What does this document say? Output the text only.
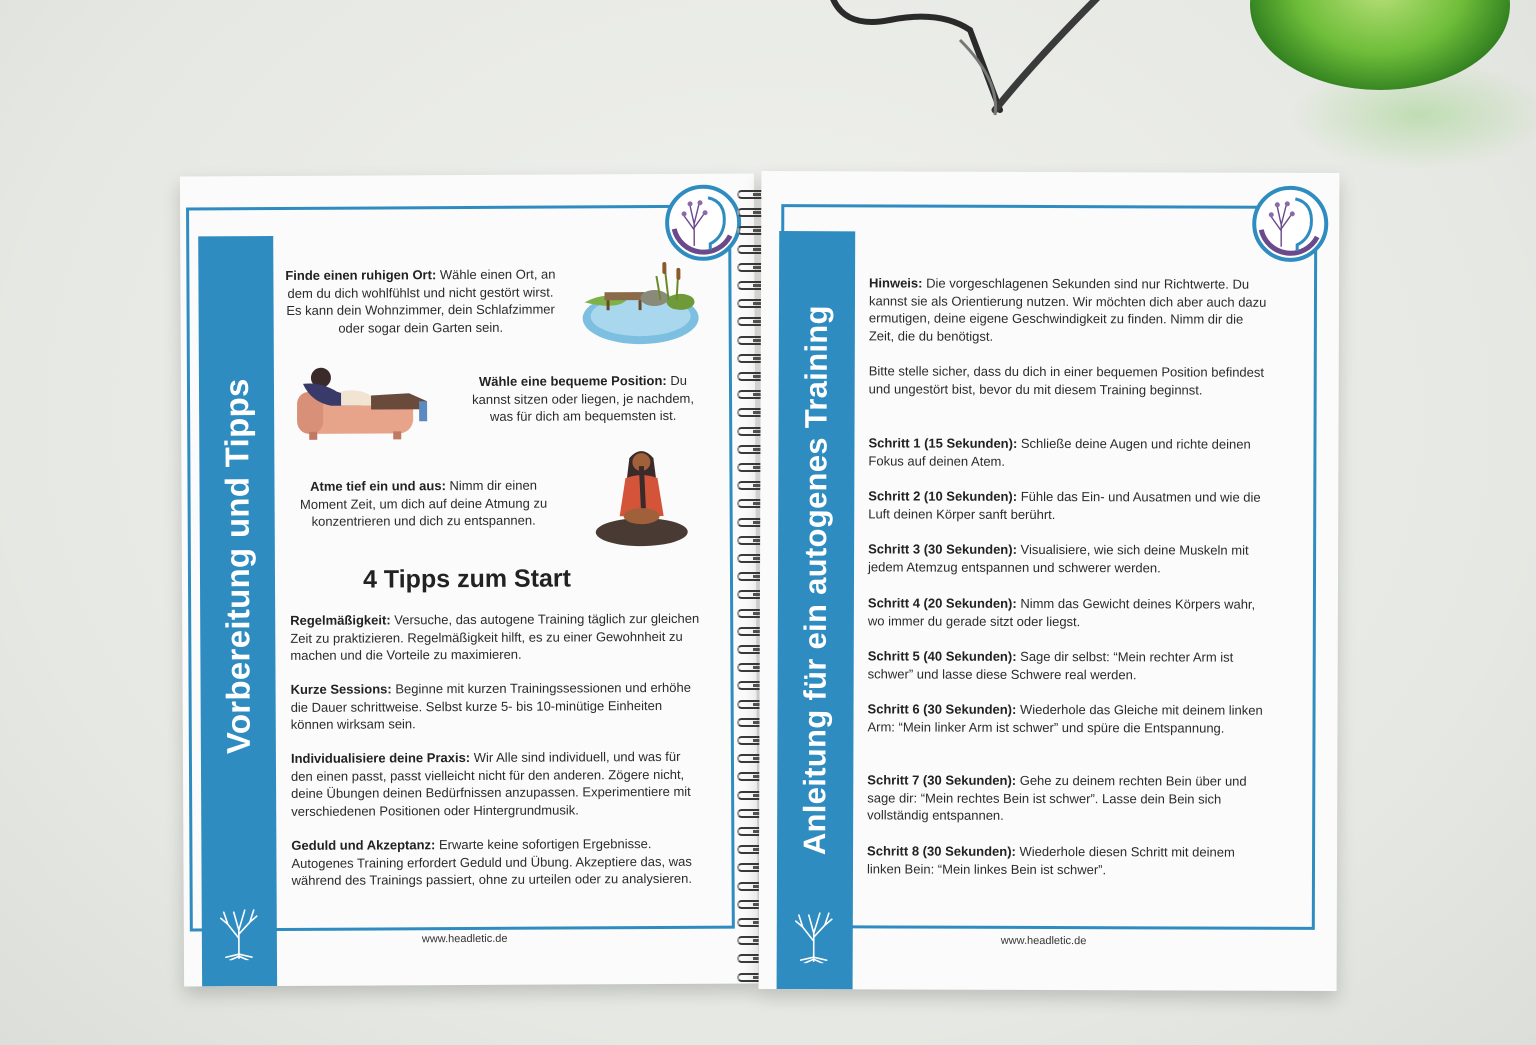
Vorbereitung und Tipps
Finde einen ruhigen Ort: Wähle einen Ort, an dem du dich wohlfühlst und nicht gestört wirst. Es kann dein Wohnzimmer, dein Schlafzimmer oder sogar dein Garten sein.
Wähle eine bequeme Position: Du kannst sitzen oder liegen, je nachdem, was für dich am bequemsten ist.
Atme tief ein und aus: Nimm dir einen Moment Zeit, um dich auf deine Atmung zu konzentrieren und dich zu entspannen.
4 Tipps zum Start
Regelmäßigkeit: Versuche, das autogene Training täglich zur gleichen Zeit zu praktizieren. Regelmäßigkeit hilft, es zu einer Gewohnheit zu machen und die Vorteile zu maximieren.
Kurze Sessions: Beginne mit kurzen Trainingssessionen und erhöhe die Dauer schrittweise. Selbst kurze 5- bis 10-minütige Einheiten können wirksam sein.
Individualisiere deine Praxis: Wir Alle sind individuell, und was für den einen passt, passt vielleicht nicht für den anderen. Zögere nicht, deine Übungen deinen Bedürfnissen anzupassen. Experimentiere mit verschiedenen Positionen oder Hintergrundmusik.
Geduld und Akzeptanz: Erwarte keine sofortigen Ergebnisse. Autogenes Training erfordert Geduld und Übung. Akzeptiere das, was während des Trainings passiert, ohne zu urteilen oder zu analysieren.
www.headletic.de
Anleitung für ein autogenes Training
Hinweis: Die vorgeschlagenen Sekunden sind nur Richtwerte. Du kannst sie als Orientierung nutzen. Wir möchten dich aber auch dazu ermutigen, deine eigene Geschwindigkeit zu finden. Nimm dir die Zeit, die du benötigst.
Bitte stelle sicher, dass du dich in einer bequemen Position befindest und ungestört bist, bevor du mit diesem Training beginnst.
Schritt 1 (15 Sekunden): Schließe deine Augen und richte deinen Fokus auf deinen Atem.
Schritt 2 (10 Sekunden): Fühle das Ein- und Ausatmen und wie die Luft deinen Körper sanft berührt.
Schritt 3 (30 Sekunden): Visualisiere, wie sich deine Muskeln mit jedem Atemzug entspannen und schwerer werden.
Schritt 4 (20 Sekunden): Nimm das Gewicht deines Körpers wahr, wo immer du gerade sitzt oder liegst.
Schritt 5 (40 Sekunden): Sage dir selbst: “Mein rechter Arm ist schwer” und lasse diese Schwere real werden.
Schritt 6 (30 Sekunden): Wiederhole das Gleiche mit deinem linken Arm: “Mein linker Arm ist schwer” und spüre die Entspannung.
Schritt 7 (30 Sekunden): Gehe zu deinem rechten Bein über und sage dir: “Mein rechtes Bein ist schwer”. Lasse dein Bein sich vollständig entspannen.
Schritt 8 (30 Sekunden): Wiederhole diesen Schritt mit deinem linken Bein: “Mein linkes Bein ist schwer”.
www.headletic.de
